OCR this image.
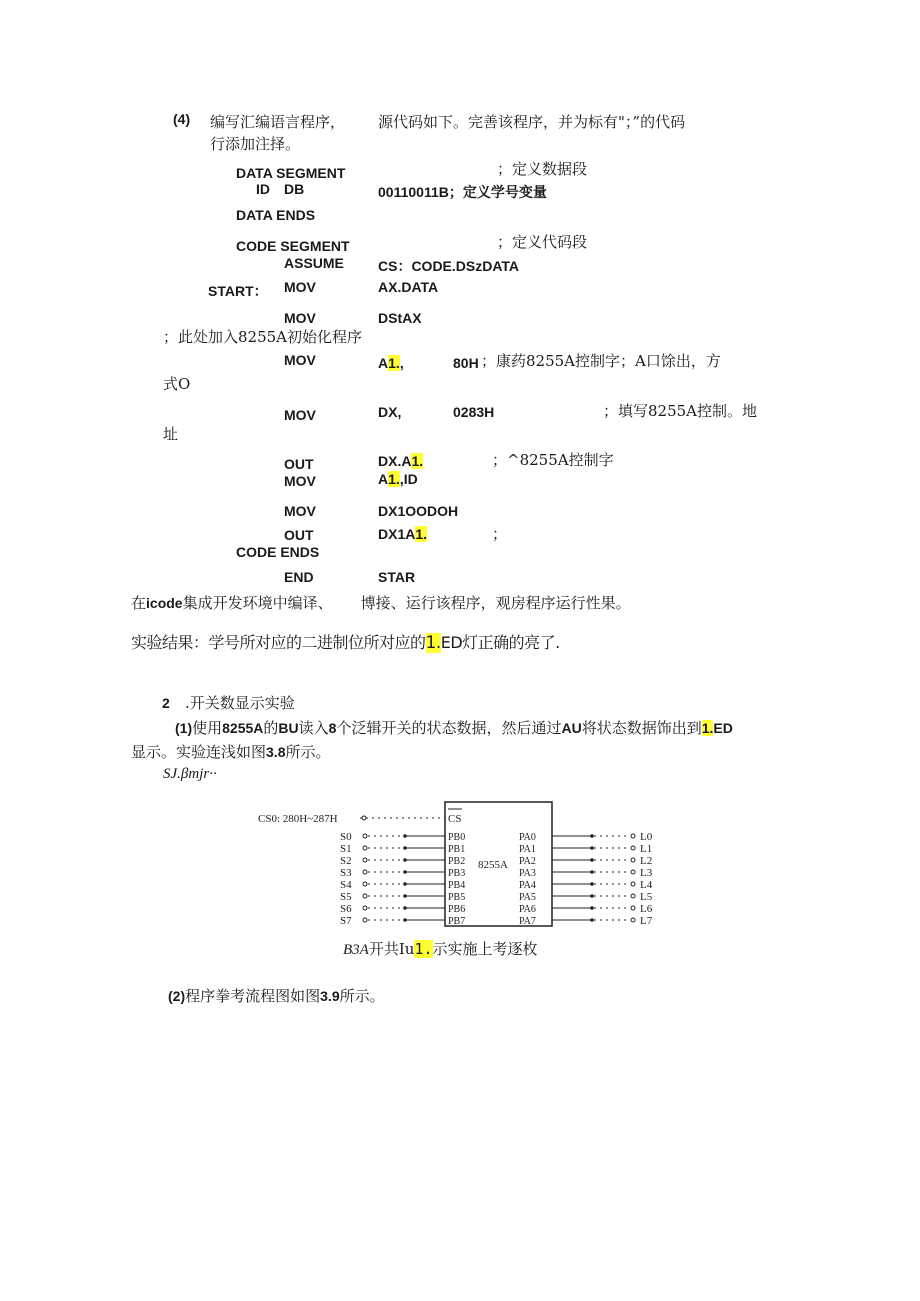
(4) 编写汇编语言程序， 源代码如下。完善该程序，并为标有"；”的代码
行添加注择。
DATA SEGMENT	；定义数据段
ID DB	00110011B；定义学号变量
DATA ENDS
CODE SEGMENT	；定义代码段
ASSUME CS：CODE.DSzDATA
START： MOV	AX.DATA
MOV	DStAX
；此处加入8255A初始化程序
MOV	A1.,	80H ；康药8255A控制字；A口馀出，方
式O
MOV	DX,	0283H	；填写8255A控制。地
址
OUT	DX.A1.	；^8255A控制字
MOV	A1.,ID
MOV	DX1OODOH
OUT	DX1A1.	；
CODE ENDS
END	STAR
在icode集成开发环境中编译、 博接、运行该程序，观房程序运行性果。
实验结果：学号所对应的二进制位所对应的1.ED灯正确的亮了.
2 .开关数显示实验
(1)使用8255A的BU读入8个泛辑开关的状态数据，然后通过AU将状态数据饰出到1.ED
显示。实验连浅如图3.8所示。
SJ.βmjr··
8255A
CS0: 280H~287H	CS
S0	PB0	PA0	L0
S1	PB1	PA1	L1
S2	PB2	PA2	L2
S3	PB3	PA3	L3
S4	PB4	PA4	L4
S5	PB5	PA5	L5
S6	PB6	PA6	L6
S7	PB7	PA7	L7
B3A开共Iu1.示实施上考逐枚
(2)程序拳考流程图如图3.9所示。
